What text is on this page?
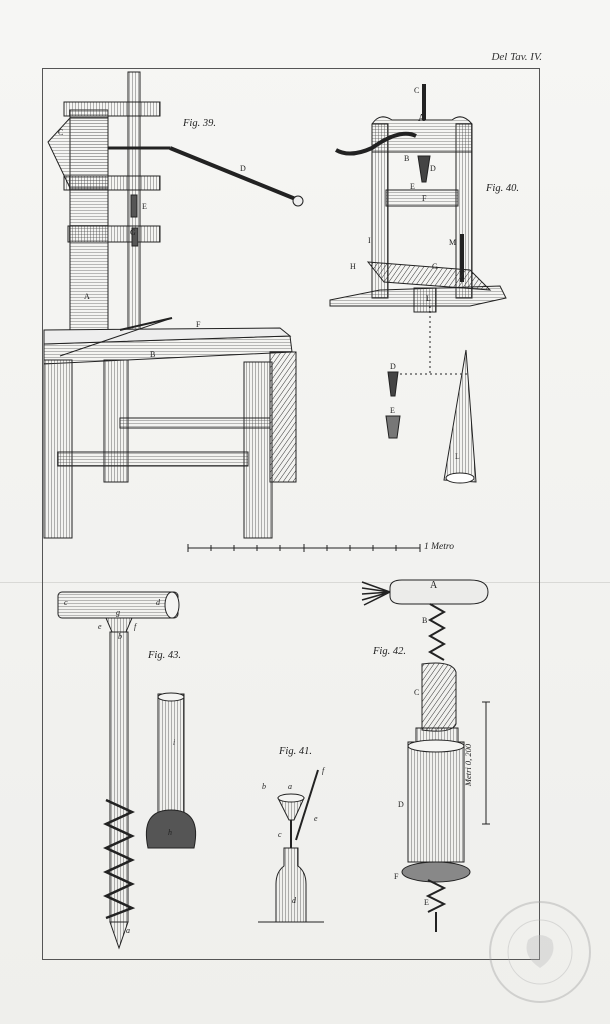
Del Tav. IV.
Fig. 39.
Fig. 40.
Fig. 43.	Fig. 42.
Fig. 41.
1 Metro
Metri 0, 200
C
D
E
G
A
F
B
C
A
B
D
E
F
I	M
H	G
L
D
E
L
c	d
g
e
b
f
i
h
a
b	a
c
e
f
d
A
B
C
D
F
E
